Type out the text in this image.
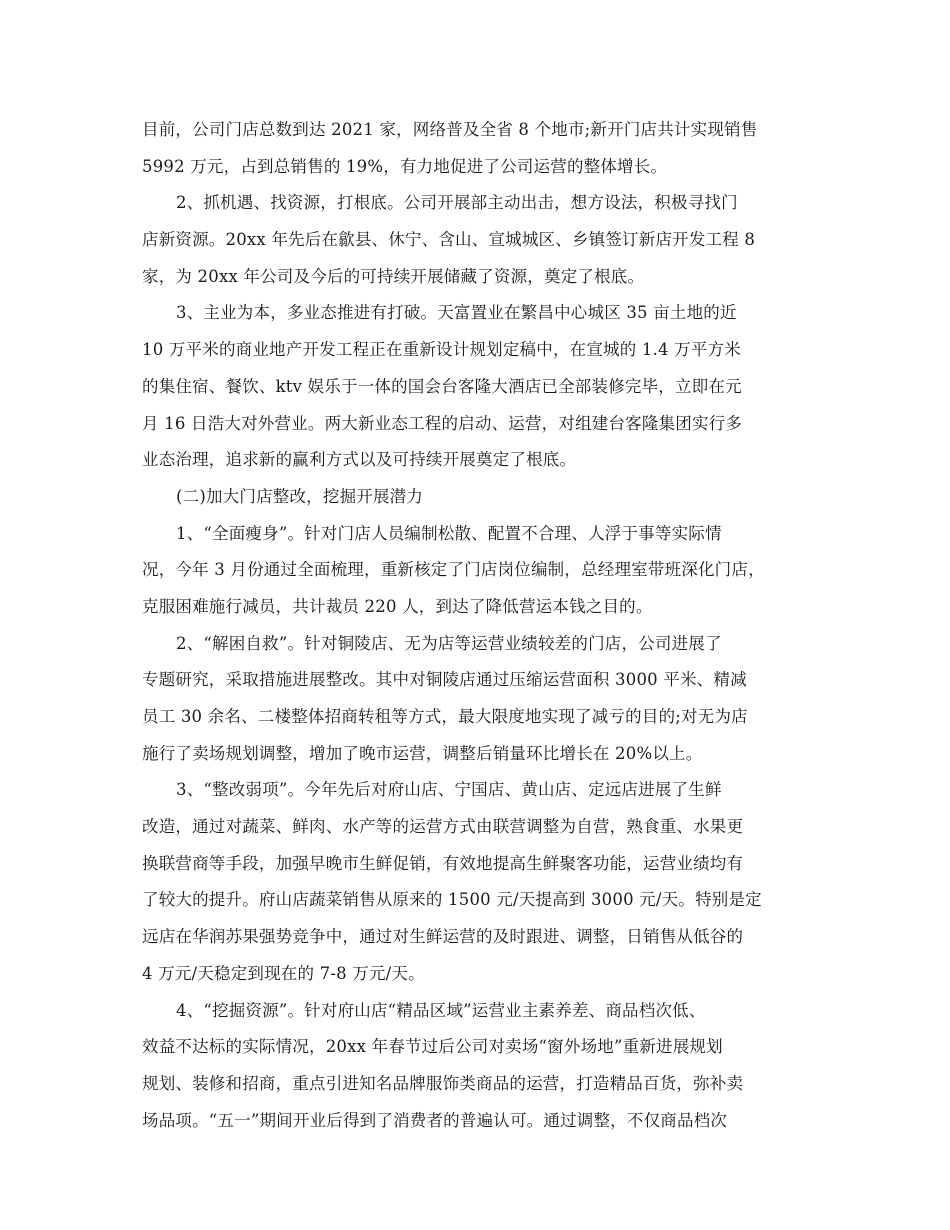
目前，公司门店总数到达 2021 家，网络普及全省 8 个地市;新开门店共计实现销售
5992 万元，占到总销售的 19%，有力地促进了公司运营的整体增长。
2、抓机遇、找资源，打根底。公司开展部主动出击，想方设法，积极寻找门
店新资源。20xx 年先后在歙县、休宁、含山、宣城城区、乡镇签订新店开发工程 8
家，为 20xx 年公司及今后的可持续开展储藏了资源，奠定了根底。
3、主业为本，多业态推进有打破。天富置业在繁昌中心城区 35 亩土地的近
10 万平米的商业地产开发工程正在重新设计规划定稿中，在宣城的 1.4 万平方米
的集住宿、餐饮、ktv 娱乐于一体的国会台客隆大酒店已全部装修完毕，立即在元
月 16 日浩大对外营业。两大新业态工程的启动、运营，对组建台客隆集团实行多
业态治理，追求新的赢利方式以及可持续开展奠定了根底。
(二)加大门店整改，挖掘开展潜力
1、“全面瘦身”。针对门店人员编制松散、配置不合理、人浮于事等实际情
况，今年 3 月份通过全面梳理，重新核定了门店岗位编制，总经理室带班深化门店，
克服困难施行减员，共计裁员 220 人，到达了降低营运本钱之目的。
2、“解困自救”。针对铜陵店、无为店等运营业绩较差的门店，公司进展了
专题研究，采取措施进展整改。其中对铜陵店通过压缩运营面积 3000 平米、精减
员工 30 余名、二楼整体招商转租等方式，最大限度地实现了减亏的目的;对无为店
施行了卖场规划调整，增加了晚市运营，调整后销量环比增长在 20%以上。
3、“整改弱项”。今年先后对府山店、宁国店、黄山店、定远店进展了生鲜
改造，通过对蔬菜、鲜肉、水产等的运营方式由联营调整为自营，熟食重、水果更
换联营商等手段，加强早晚市生鲜促销，有效地提高生鲜聚客功能，运营业绩均有
了较大的提升。府山店蔬菜销售从原来的 1500 元/天提高到 3000 元/天。特别是定
远店在华润苏果强势竞争中，通过对生鲜运营的及时跟进、调整，日销售从低谷的
4 万元/天稳定到现在的 7-8 万元/天。
4、“挖掘资源”。针对府山店“精品区域”运营业主素养差、商品档次低、
效益不达标的实际情况，20xx 年春节过后公司对卖场“窗外场地”重新进展规划
规划、装修和招商，重点引进知名品牌服饰类商品的运营，打造精品百货，弥补卖
场品项。“五一”期间开业后得到了消费者的普遍认可。通过调整，不仅商品档次
